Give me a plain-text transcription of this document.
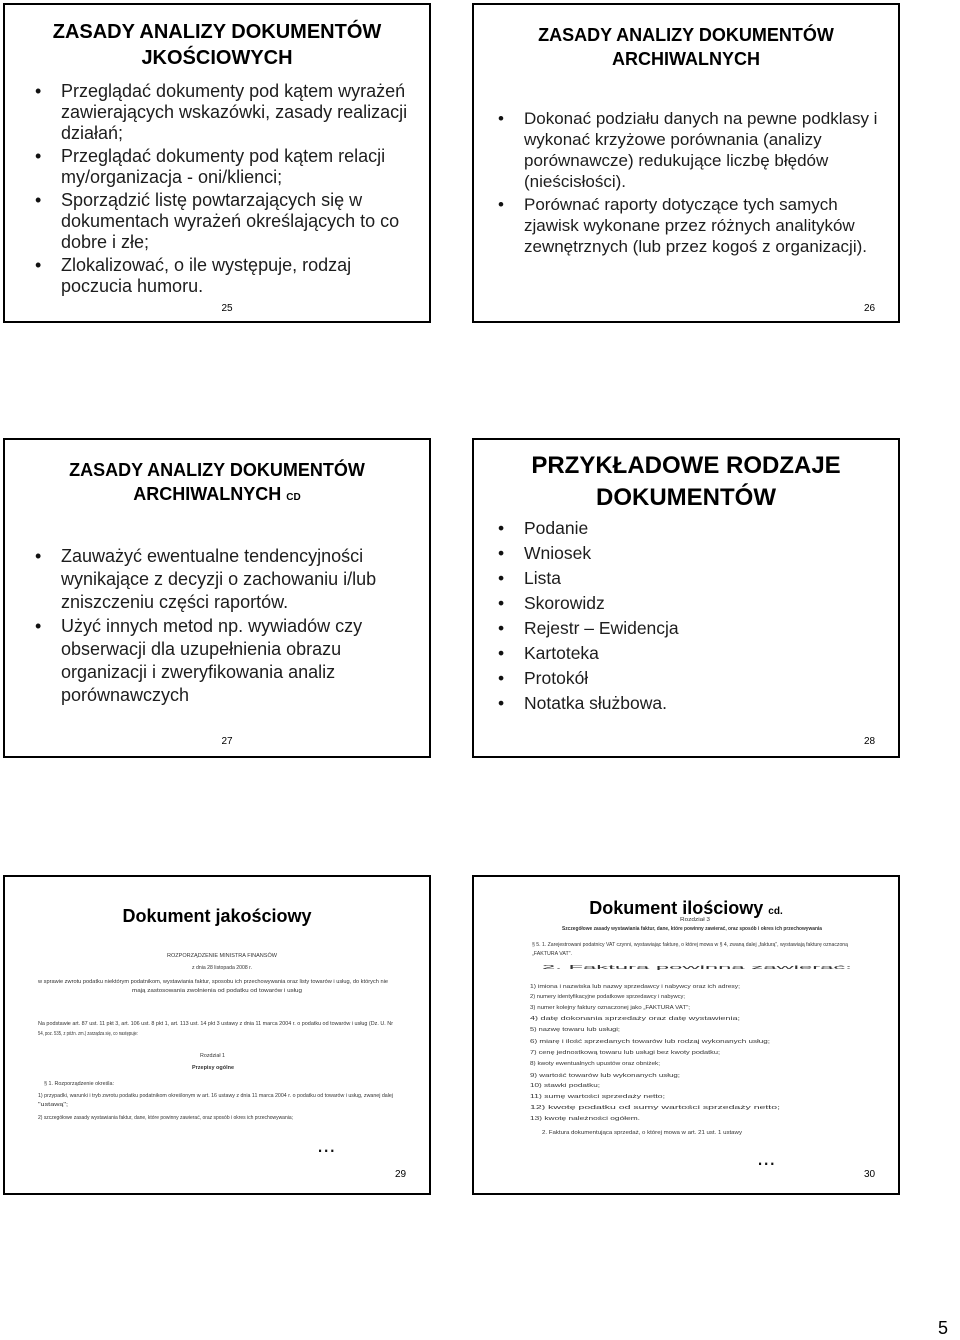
ZASADY ANALIZY DOKUMENTÓW JKOŚCIOWYCH
• Przeglądać dokumenty pod kątem wyrażeń zawierających wskazówki, zasady realizacji działań;
• Przeglądać dokumenty pod kątem relacji my/organizacja - oni/klienci;
• Sporządzić listę powtarzających się w dokumentach wyrażeń określających to co dobre i złe;
• Zlokalizować, o ile występuje, rodzaj poczucia humoru.
25
ZASADY ANALIZY DOKUMENTÓW ARCHIWALNYCH
• Dokonać podziału danych na pewne podklasy i wykonać krzyżowe porównania (analizy porównawcze) redukujące liczbę błędów (nieścisłości).
• Porównać raporty dotyczące tych samych zjawisk wykonane przez różnych analityków zewnętrznych (lub przez kogoś z organizacji).
26
ZASADY ANALIZY DOKUMENTÓW ARCHIWALNYCH CD
• Zauważyć ewentualne tendencyjności wynikające z decyzji o zachowaniu i/lub zniszczeniu części raportów.
• Użyć innych metod np. wywiadów czy obserwacji dla uzupełnienia obrazu organizacji i zweryfikowania analiz porównawczych
27
PRZYKŁADOWE RODZAJE DOKUMENTÓW
• Podanie
• Wniosek
• Lista
• Skorowidz
• Rejestr – Ewidencja
• Kartoteka
• Protokół
• Notatka służbowa.
28
Dokument jakościowy
ROZPORZĄDZENIE MINISTRA FINANSÓW
z dnia 28 listopada 2008 r.
w sprawie zwrotu podatku niektórym podatnikom, wystawiania faktur, sposobu ich przechowywania oraz listy towarów i usług, do których nie
mają zastosowania zwolnienia od podatku od towarów i usług
Na podstawie art. 87 ust. 11 pkt 3, art. 106 ust. 8 pkt 1, art. 113 ust. 14 pkt 3 ustawy z dnia 11 marca 2004 r. o podatku od towarów i usług (Dz. U. Nr
54, poz. 535, z późn. zm.) zarządza się, co następuje:
Rozdział 1
Przepisy ogólne
§ 1. Rozporządzenie określa:
1) przypadki, warunki i tryb zwrotu podatku podatnikom określonym w art. 16 ustawy z dnia 11 marca 2004 r. o podatku od towarów i usług, zwanej dalej
"ustawą";
2) szczegółowe zasady wystawiania faktur, dane, które powinny zawierać, oraz sposób i okres ich przechowywania;
...
29
Rozdział 3
Szczegółowe zasady wystawiania faktur, dane, które powinny zawierać, oraz sposób i okres ich przechowywania
§ 5. 1. Zarejestrowani podatnicy VAT czynni, wystawiając fakturę, o której mowa w § 4, zwaną dalej „fakturą”, wystawiają fakturę oznaczoną
„FAKTURA VAT”.
2. Faktura powinna zawierać:
1) imiona i nazwiska lub nazwy sprzedawcy i nabywcy oraz ich adresy;
2) numery identyfikacyjne podatkowe sprzedawcy i nabywcy;
3) numer kolejny faktury oznaczonej jako „FAKTURA VAT”;
4) datę dokonania sprzedaży oraz datę wystawienia;
5) nazwę towaru lub usługi;
6) miarę i ilość sprzedanych towarów lub rodzaj wykonanych usług;
7) cenę jednostkową towaru lub usługi bez kwoty podatku;
8) kwoty ewentualnych upustów oraz obniżek;
9) wartość towarów lub wykonanych usług;
10) stawki podatku;
11) sumę wartości sprzedaży netto;
12) kwotę podatku od sumy wartości sprzedaży netto;
13) kwotę należności ogółem.
2. Faktura dokumentująca sprzedaż, o której mowa w art. 21 ust. 1 ustawy
Dokument ilościowy cd.
...
30
5
